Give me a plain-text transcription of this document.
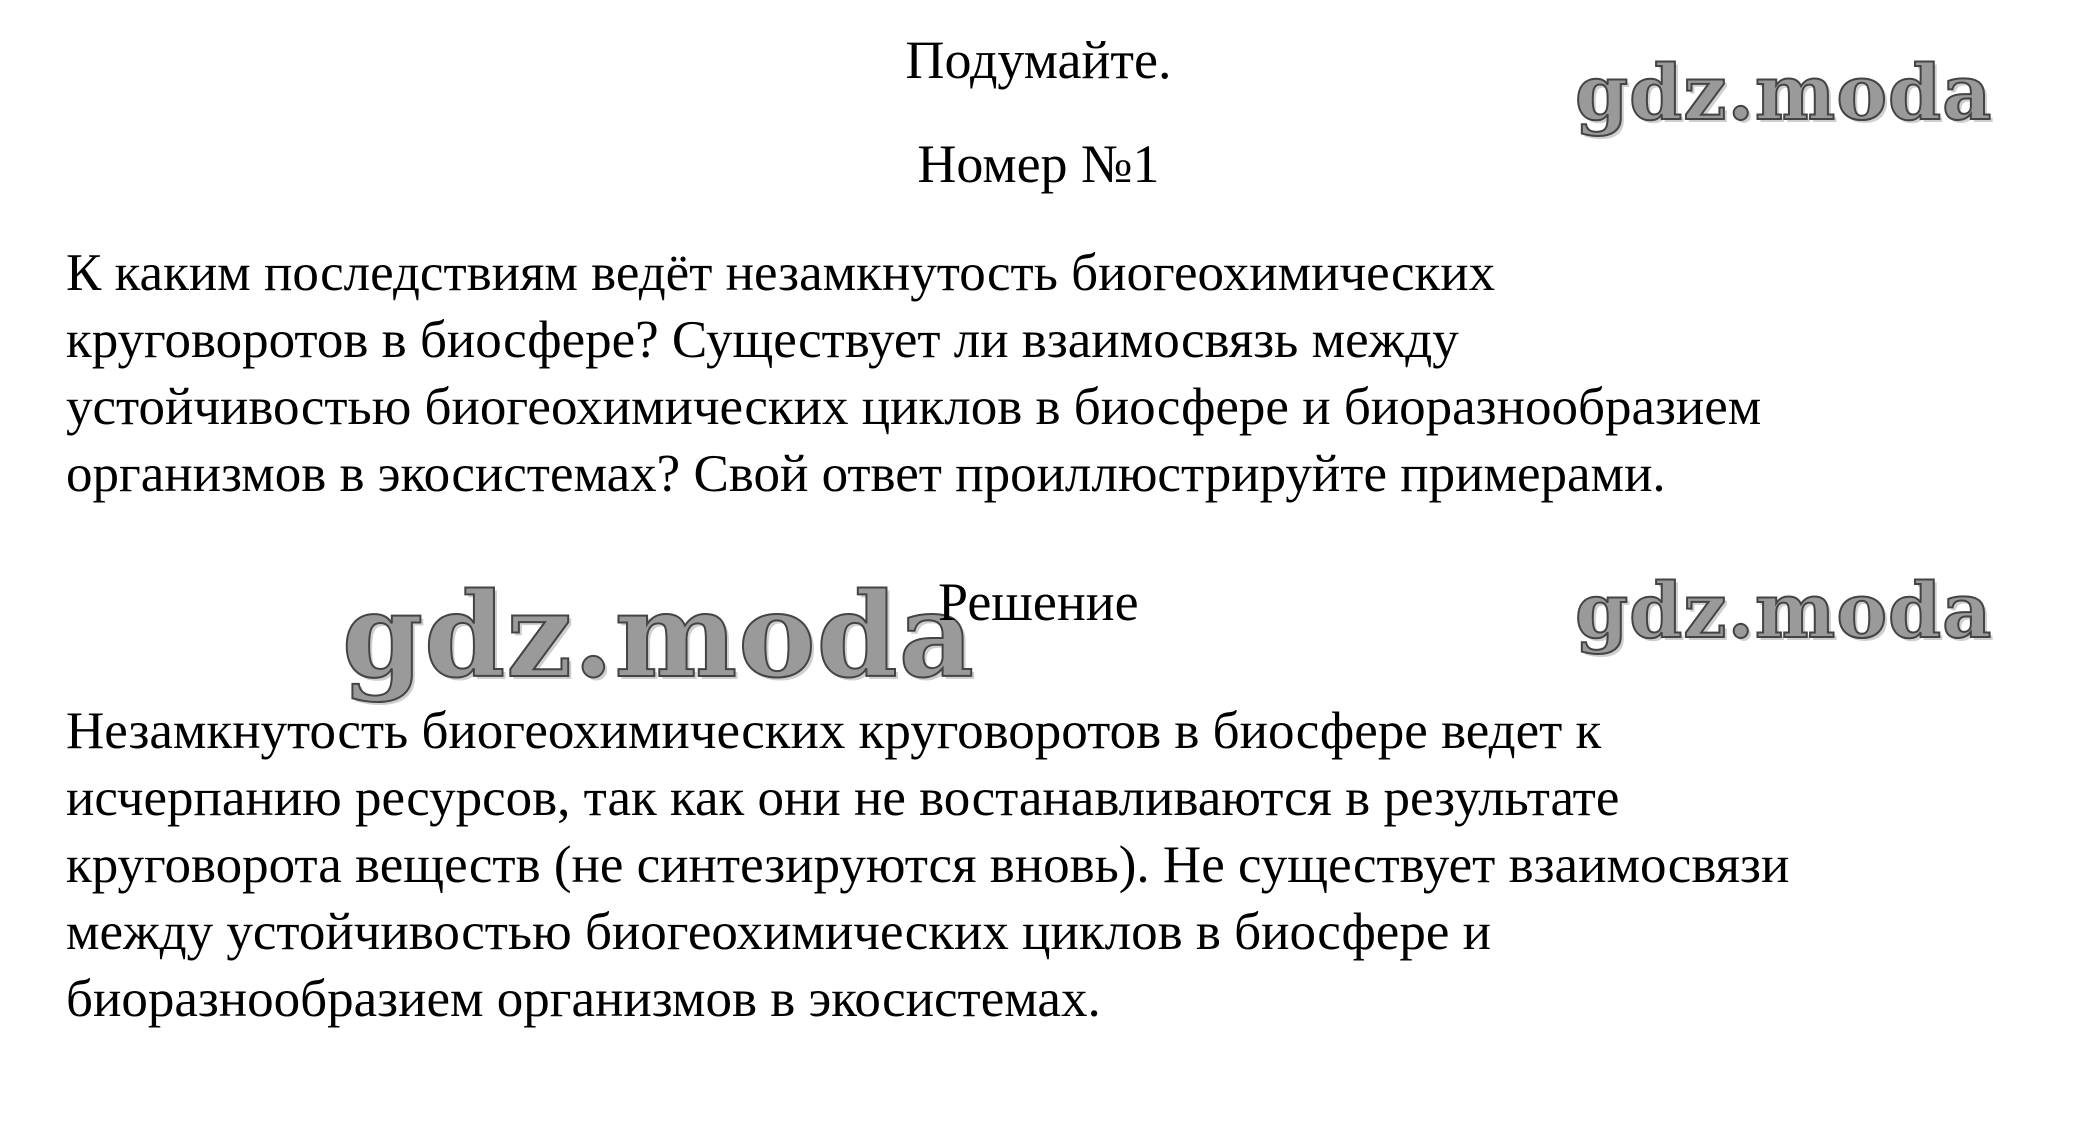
Подумайте.
Номер №1
gdz.moda
К каким последствиям ведёт незамкнутость биогеохимических
круговоротов в биосфере? Существует ли взаимосвязь между
устойчивостью биогеохимических циклов в биосфере и биоразнообразием
организмов в экосистемах? Свой ответ проиллюстрируйте примерами.
gdz.moda
Решение	gdz.moda
Незамкнутость биогеохимических круговоротов в биосфере ведет к
исчерпанию ресурсов, так как они не востанавливаются в результате
круговорота веществ (не синтезируются вновь). Не существует взаимосвязи
между устойчивостью биогеохимических циклов в биосфере и
биоразнообразием организмов в экосистемах.
